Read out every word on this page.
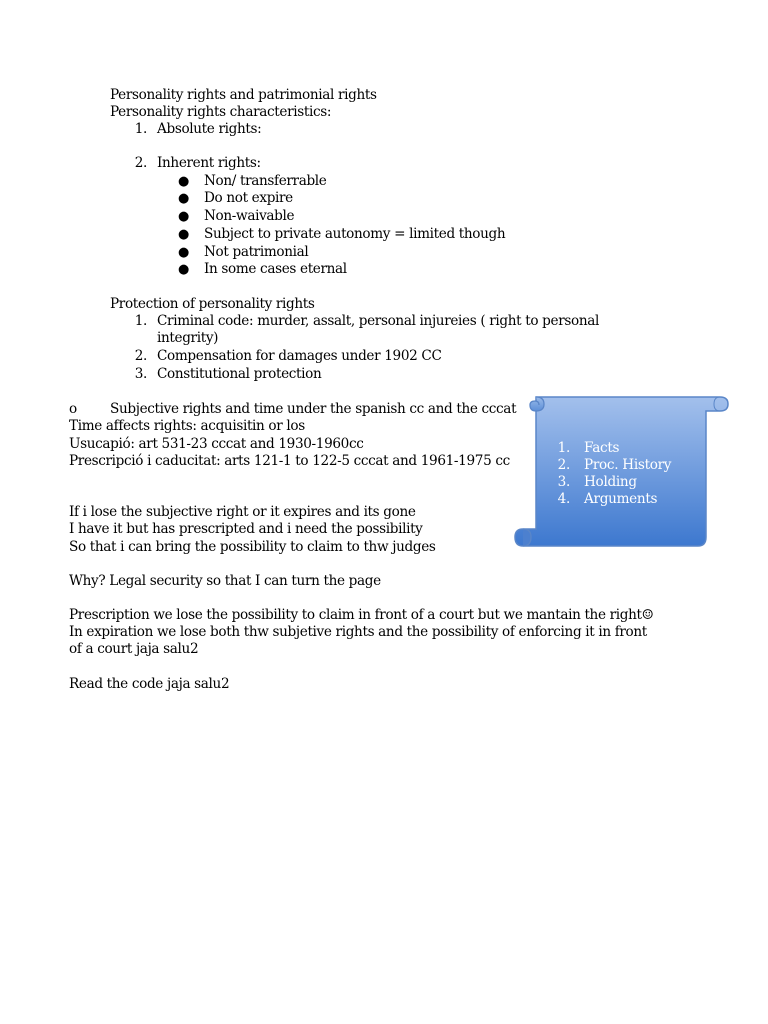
Personality rights and patrimonial rights
Personality rights characteristics:
1. Absolute rights:
2. Inherent rights:
● Non/ transferrable
● Do not expire
● Non-waivable
● Subject to private autonomy = limited though
● Not patrimonial
● In some cases eternal
Protection of personality rights
1. Criminal code: murder, assalt, personal injureies ( right to personal
integrity)
2. Compensation for damages under 1902 CC
3. Constitutional protection
o Subjective rights and time under the spanish cc and the cccat
Time affects rights: acquisitin or los
Usucapió: art 531-23 cccat and 1930-1960cc
Prescripció i caducitat: arts 121-1 to 122-5 cccat and 1961-1975 cc
If i lose the subjective right or it expires and its gone
I have it but has prescripted and i need the possibility
So that i can bring the possibility to claim to thw judges
Why? Legal security so that I can turn the page
Prescription we lose the possibility to claim in front of a court but we mantain the right☺
In expiration we lose both thw subjetive rights and the possibility of enforcing it in front
of a court jaja salu2
Read the code jaja salu2
1. Facts
2. Proc. History
3. Holding
4. Arguments
